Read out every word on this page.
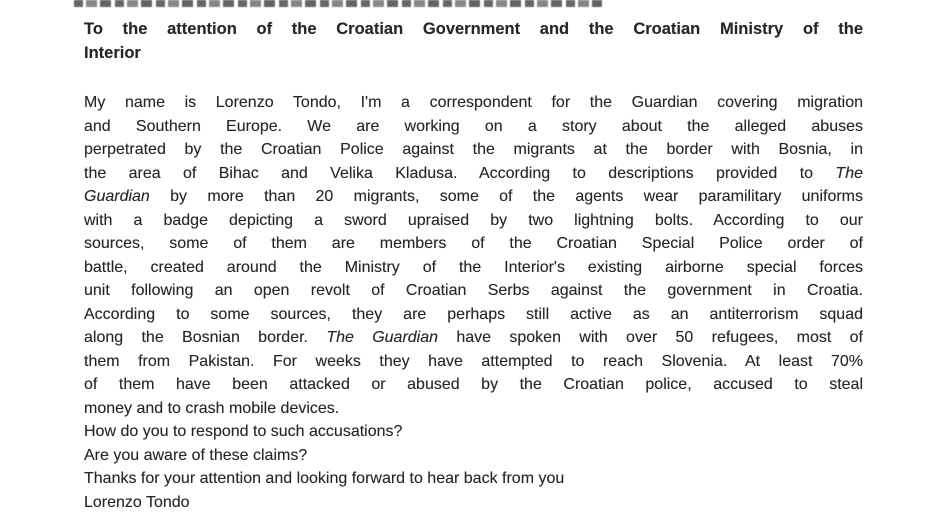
To the attention of the Croatian Government and the Croatian Ministry of the
Interior
My name is Lorenzo Tondo, I'm a correspondent for the Guardian covering migration
and Southern Europe. We are working on a story about the alleged abuses
perpetrated by the Croatian Police against the migrants at the border with Bosnia, in
the area of Bihac and Velika Kladusa. According to descriptions provided to The
Guardian by more than 20 migrants, some of the agents wear paramilitary uniforms
with a badge depicting a sword upraised by two lightning bolts. According to our
sources, some of them are members of the Croatian Special Police order of
battle, created around the Ministry of the Interior's existing airborne special forces
unit following an open revolt of Croatian Serbs against the government in Croatia.
According to some sources, they are perhaps still active as an antiterrorism squad
along the Bosnian border. The Guardian have spoken with over 50 refugees, most of
them from Pakistan. For weeks they have attempted to reach Slovenia. At least 70%
of them have been attacked or abused by the Croatian police, accused to steal
money and to crash mobile devices.
How do you to respond to such accusations?
Are you aware of these claims?
Thanks for your attention and looking forward to hear back from you
Lorenzo Tondo
